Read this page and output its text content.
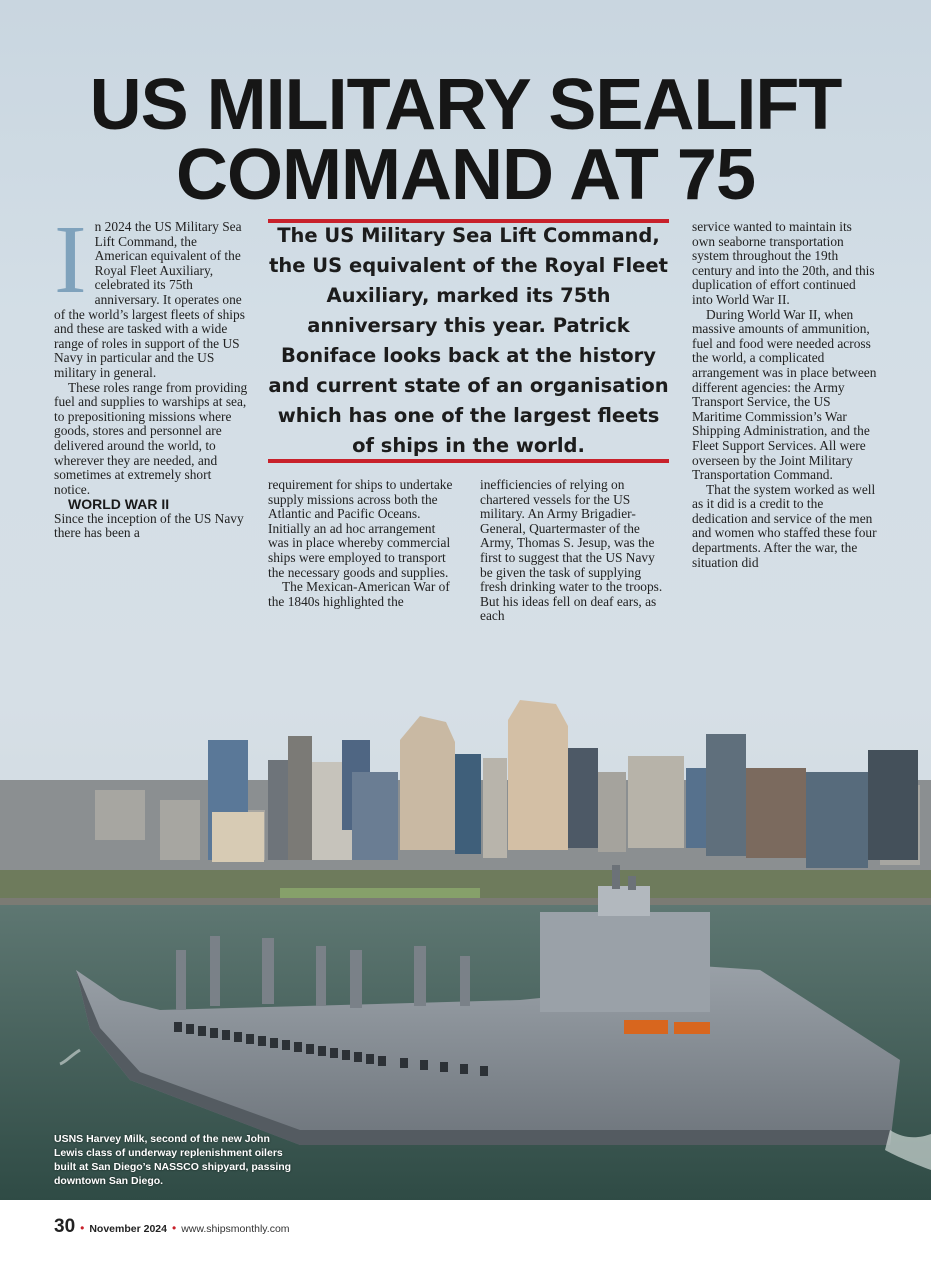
US MILITARY SEALIFT
COMMAND AT 75

In 2024 the US Military Sea Lift Command, the American equivalent of the Royal Fleet Auxiliary, celebrated its 75th anniversary. It operates one of the world’s largest fleets of ships and these are tasked with a wide range of roles in support of the US Navy in particular and the US military in general.

These roles range from providing fuel and supplies to warships at sea, to prepositioning missions where goods, stores and personnel are delivered around the world, to wherever they are needed, and sometimes at extremely short notice.

WORLD WAR II

Since the inception of the US Navy there has been a

The US Military Sea Lift Command, the US equivalent of the Royal Fleet Auxiliary, marked its 75th anniversary this year. Patrick Boniface looks back at the history and current state of an organisation which has one of the largest fleets of ships in the world.

requirement for ships to undertake supply missions across both the Atlantic and Pacific Oceans. Initially an ad hoc arrangement was in place whereby commercial ships were employed to transport the necessary goods and supplies.

The Mexican-American War of the 1840s highlighted the

inefficiencies of relying on chartered vessels for the US military. An Army Brigadier-General, Quartermaster of the Army, Thomas S. Jesup, was the first to suggest that the US Navy be given the task of supplying fresh drinking water to the troops. But his ideas fell on deaf ears, as each

service wanted to maintain its own seaborne transportation system throughout the 19th century and into the 20th, and this duplication of effort continued into World War II.

During World War II, when massive amounts of ammunition, fuel and food were needed across the world, a complicated arrangement was in place between different agencies: the Army Transport Service, the US Maritime Commission’s War Shipping Administration, and the Fleet Support Services. All were overseen by the Joint Military Transportation Command.

That the system worked as well as it did is a credit to the dedication and service of the men and women who staffed these four departments. After the war, the situation did

USNS Harvey Milk, second of the new John Lewis class of underway replenishment oilers built at San Diego’s NASSCO shipyard, passing downtown San Diego.

30 • November 2024 • www.shipsmonthly.com
